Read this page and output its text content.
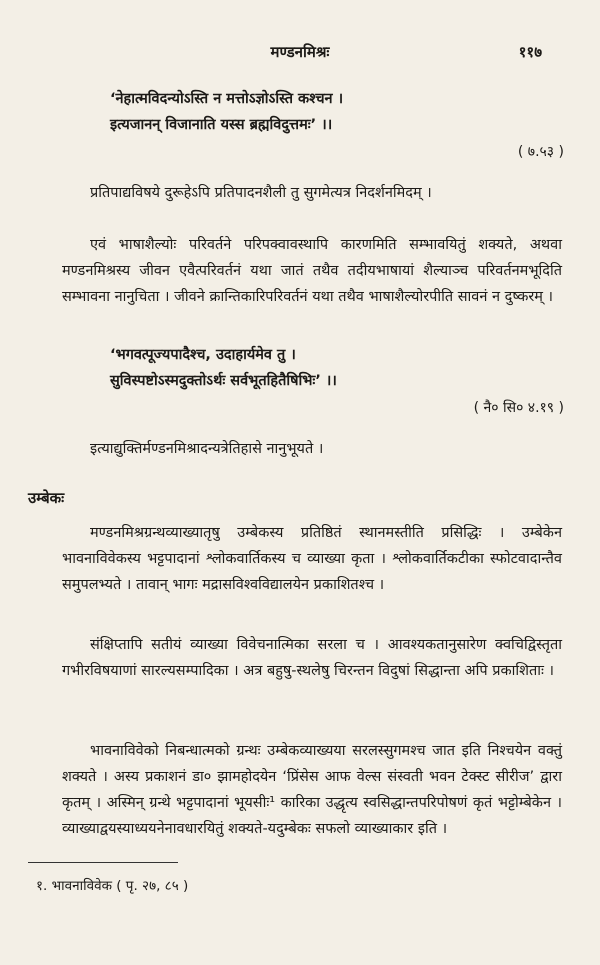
मण्डनमिश्रः	११७
‘नेहात्मविदन्योऽस्ति न मत्तोऽज्ञोऽस्ति कश्चन ।
इत्यजानन् विजानाति यस्स ब्रह्मविदुत्तमः’ ।।
( ७.५३ )

प्रतिपाद्यविषये दुरूहेऽपि प्रतिपादनशैली तु सुगमेत्यत्र निदर्शनमिदम् ।

एवं भाषाशैल्योः परिवर्तने परिपक्वावस्थापि कारणमिति सम्भावयितुं शक्यते, अथवा मण्डनमिश्रस्य जीवन एवैत्परिवर्तनं यथा जातं तथैव तदीयभाषायां शैल्याञ्च परिवर्तनमभूदिति सम्भावना नानुचिता । जीवने क्रान्तिकारिपरिवर्तनं यथा तथैव भाषाशैल्योरपीति सावनं न दुष्करम् ।

‘भगवत्पूज्यपादैश्च, उदाहार्यमेव तु ।
सुविस्पष्टोऽस्मदुक्तोऽर्थः सर्वभूतहितैषिभिः’ ।।
( नै० सि० ४.१९ )

इत्याद्युक्तिर्मण्डनमिश्रादन्यत्रेतिहासे नानुभूयते ।

उम्बेकः

मण्डनमिश्रग्रन्थव्याख्यातृषु उम्बेकस्य प्रतिष्ठितं स्थानमस्तीति प्रसिद्धिः । उम्बेकेन भावनाविवेकस्य भट्टपादानां श्लोकवार्तिकस्य च व्याख्या कृता । श्लोकवार्तिकटीका स्फोटवादान्तैव समुपलभ्यते । तावान् भागः मद्रासविश्वविद्यालयेन प्रकाशितश्च ।

संक्षिप्तापि सतीयं व्याख्या विवेचनात्मिका सरला च । आवश्यकतानुसारेण क्वचिद्विस्तृता गभीरविषयाणां सारल्यसम्पादिका । अत्र बहुषु-स्थलेषु चिरन्तन विदुषां सिद्धान्ता अपि प्रकाशिताः ।

भावनाविवेको निबन्धात्मको ग्रन्थः उम्बेकव्याख्यया सरलस्सुगमश्च जात इति निश्चयेन वक्तुं शक्यते । अस्य प्रकाशनं डा० झामहोदयेन ‘प्रिंसेस आफ वेल्स संस्वती भवन टेक्स्ट सीरीज’ द्वारा कृतम् । अस्मिन् ग्रन्थे भट्टपादानां भूयसीः¹ कारिका उद्धृत्य स्वसिद्धान्तपरिपोषणं कृतं भट्टोम्बेकेन । व्याख्याद्वयस्याध्ययनेनावधारयितुं शक्यते-यदुम्बेकः सफलो व्याख्याकार इति ।

१. भावनाविवेक ( पृ. २७, ८५ )
